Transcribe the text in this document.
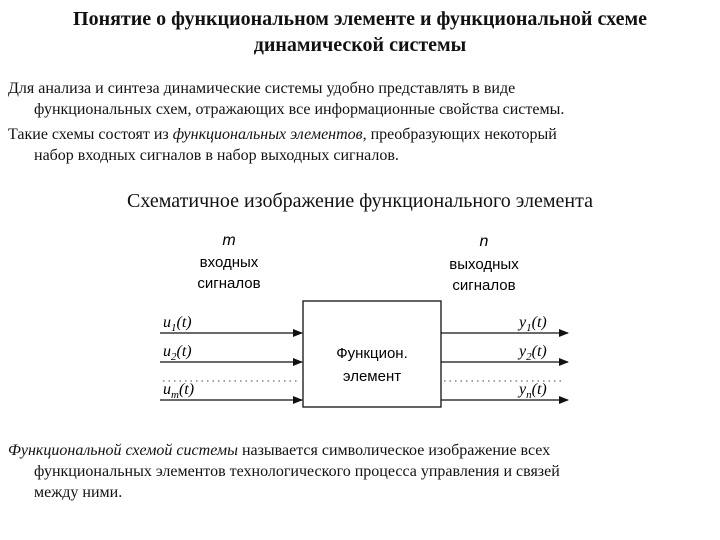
Понятие о функциональном элементе и функциональной схеме
динамической системы
Для анализа и синтеза динамические системы удобно представлять в виде
функциональных схем, отражающих все информационные свойства системы.
Такие схемы состоят из функциональных элементов, преобразующих некоторый
набор входных сигналов в набор выходных сигналов.
Схематичное изображение функционального элемента
m
входных
сигналов
n
выходных
сигналов
Функцион.
элемент
$u_1(t)$
$u_2(t)$
$u_m(t)$
$y_1(t)$
$y_2(t)$
$y_n(t)$
Функциональной схемой системы называется символическое изображение всех
функциональных элементов технологического процесса управления и связей
между ними.
